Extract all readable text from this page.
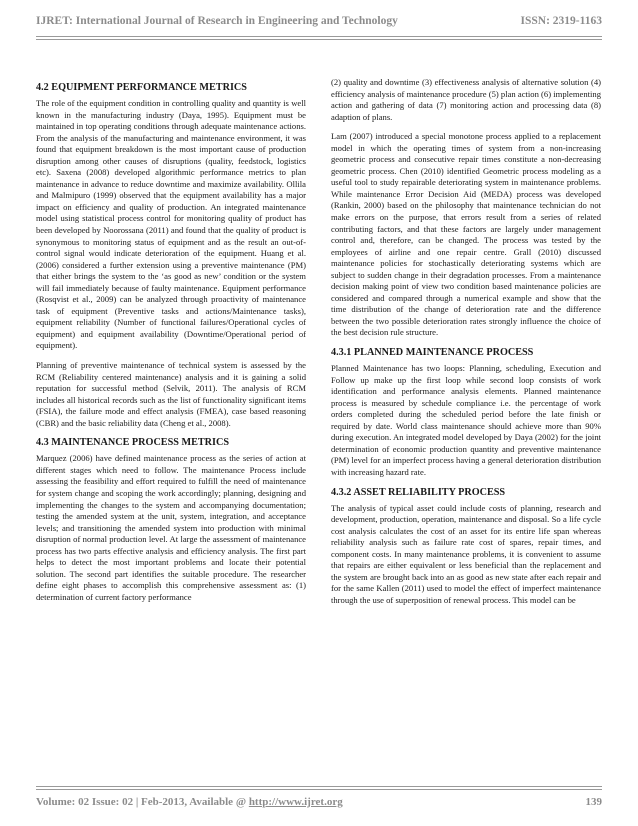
IJRET: International Journal of Research in Engineering and Technology	ISSN: 2319-1163
4.2 EQUIPMENT PERFORMANCE METRICS

The role of the equipment condition in controlling quality and quantity is well known in the manufacturing industry (Daya, 1995). Equipment must be maintained in top operating conditions through adequate maintenance actions. From the analysis of the manufacturing and maintenance environment, it was found that equipment breakdown is the most important cause of production disruption among other causes of disruptions (quality, feedstock, logistics etc). Saxena (2008) developed algorithmic performance metrics to plan maintenance in advance to reduce downtime and maximize availability. Ollila and Malmipuro (1999) observed that the equipment availability has a major impact on efficiency and quality of production. An integrated maintenance model using statistical process control for monitoring quality of product has been developed by Noorossana (2011) and found that the quality of product is synonymous to monitoring status of equipment and as the result an out-of-control signal would indicate deterioration of the equipment. Huang et al. (2006) considered a further extension using a preventive maintenance (PM) that either brings the system to the ‘as good as new’ condition or the system will fail immediately because of faulty maintenance. Equipment performance (Rosqvist et al., 2009) can be analyzed through proactivity of maintenance task of equipment (Preventive tasks and actions/Maintenance tasks), equipment reliability (Number of functional failures/Operational cycles of equipment) and equipment availability (Downtime/Operational period of equipment).

Planning of preventive maintenance of technical system is assessed by the RCM (Reliability centered maintenance) analysis and it is gaining a solid reputation for successful method (Selvik, 2011). The analysis of RCM includes all historical records such as the list of functionality significant items (FSIA), the failure mode and effect analysis (FMEA), case based reasoning (CBR) and the basic reliability data (Cheng et al., 2008).

4.3 MAINTENANCE PROCESS METRICS

Marquez (2006) have defined maintenance process as the series of action at different stages which need to follow. The maintenance Process include assessing the feasibility and effort required to fulfill the need of maintenance for system change and scoping the work accordingly; planning, designing and implementing the changes to the system and accompanying documentation; testing the amended system at the unit, system, integration, and acceptance levels; and transitioning the amended system into production with minimal disruption of normal production level. At large the assessment of maintenance process has two parts effective analysis and efficiency analysis. The first part helps to detect the most important problems and locate their potential solution. The second part identifies the suitable procedure. The researcher define eight phases to accomplish this comprehensive assessment as: (1) determination of current factory performance

(2) quality and downtime (3) effectiveness analysis of alternative solution (4) efficiency analysis of maintenance procedure (5) plan action (6) implementing action and gathering of data (7) monitoring action and processing data (8) adaption of plans.

Lam (2007) introduced a special monotone process applied to a replacement model in which the operating times of system from a non-increasing geometric process and consecutive repair times constitute a non-decreasing geometric process. Chen (2010) identified Geometric process modeling as a useful tool to study repairable deteriorating system in maintenance problems. While maintenance Error Decision Aid (MEDA) process was developed (Rankin, 2000) based on the philosophy that maintenance technician do not make errors on the purpose, that errors result from a series of related contributing factors, and that these factors are largely under management control and, therefore, can be changed. The process was tested by the employees of airline and one repair centre. Grall (2010) discussed maintenance policies for stochastically deteriorating systems which are subject to sudden change in their degradation processes. From a maintenance decision making point of view two condition based maintenance policies are considered and compared through a numerical example and show that the time distribution of the change of deterioration rate and the difference between the two possible deterioration rates strongly influence the choice of the best decision rule structure.

4.3.1 PLANNED MAINTENANCE PROCESS

Planned Maintenance has two loops: Planning, scheduling, Execution and Follow up make up the first loop while second loop consists of work identification and performance analysis elements. Planned maintenance process is measured by schedule compliance i.e. the percentage of work orders completed during the scheduled period before the late finish or required by date. World class maintenance should achieve more than 90% during execution. An integrated model developed by Daya (2002) for the joint determination of economic production quantity and preventive maintenance (PM) level for an imperfect process having a general deterioration distribution with increasing hazard rate.

4.3.2 ASSET RELIABILITY PROCESS

The analysis of typical asset could include costs of planning, research and development, production, operation, maintenance and disposal. So a life cycle cost analysis calculates the cost of an asset for its entire life span whereas reliability analysis such as failure rate cost of spares, repair times, and component costs. In many maintenance problems, it is convenient to assume that repairs are either equivalent or less beneficial than the replacement and the system are brought back into an as good as new state after each repair and for the same Kallen (2011) used to model the effect of imperfect maintenance through the use of superposition of renewal process. This model can be

Volume: 02 Issue: 02 | Feb-2013, Available @ http://www.ijret.org	139
